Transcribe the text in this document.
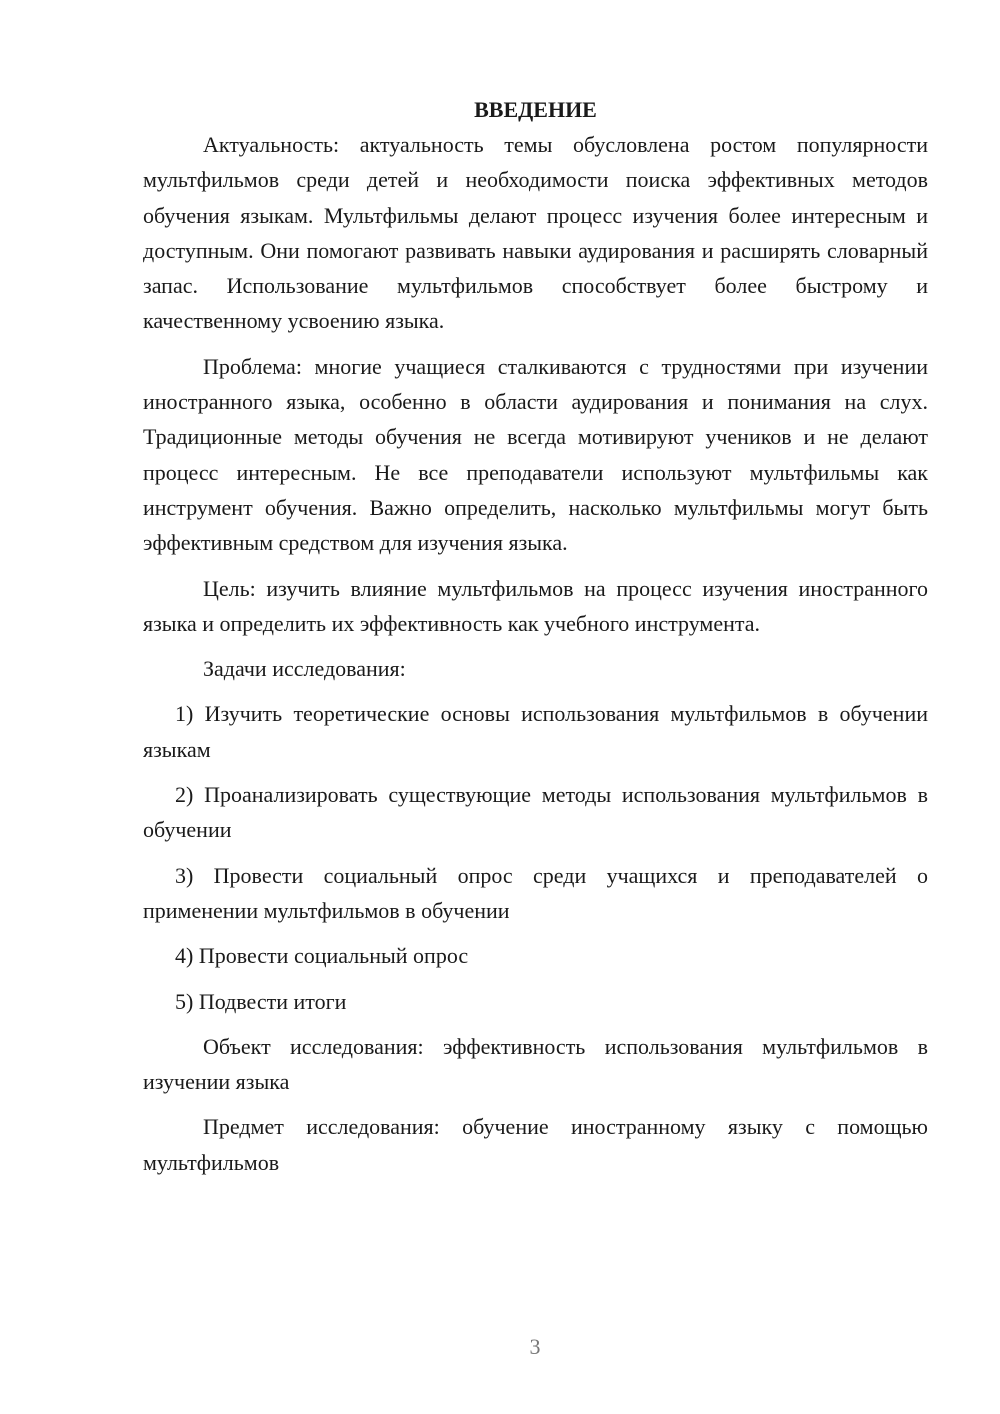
ВВЕДЕНИЕ

Актуальность: актуальность темы обусловлена ростом популярности мультфильмов среди детей и необходимости поиска эффективных методов обучения языкам. Мультфильмы делают процесс изучения более интересным и доступным. Они помогают развивать навыки аудирования и расширять словарный запас. Использование мультфильмов способствует более быстрому и качественному усвоению языка.

Проблема: многие учащиеся сталкиваются с трудностями при изучении иностранного языка, особенно в области аудирования и понимания на слух. Традиционные методы обучения не всегда мотивируют учеников и не делают процесс интересным. Не все преподаватели используют мультфильмы как инструмент обучения. Важно определить, насколько мультфильмы могут быть эффективным средством для изучения языка.

Цель: изучить влияние мультфильмов на процесс изучения иностранного языка и определить их эффективность как учебного инструмента.

Задачи исследования:

1) Изучить теоретические основы использования мультфильмов в обучении языкам

2) Проанализировать существующие методы использования мультфильмов в обучении

3) Провести социальный опрос среди учащихся и преподавателей о применении мультфильмов в обучении

4) Провести социальный опрос

5) Подвести итоги

Объект исследования: эффективность использования мультфильмов в изучении языка

Предмет исследования: обучение иностранному языку с помощью мультфильмов

3
